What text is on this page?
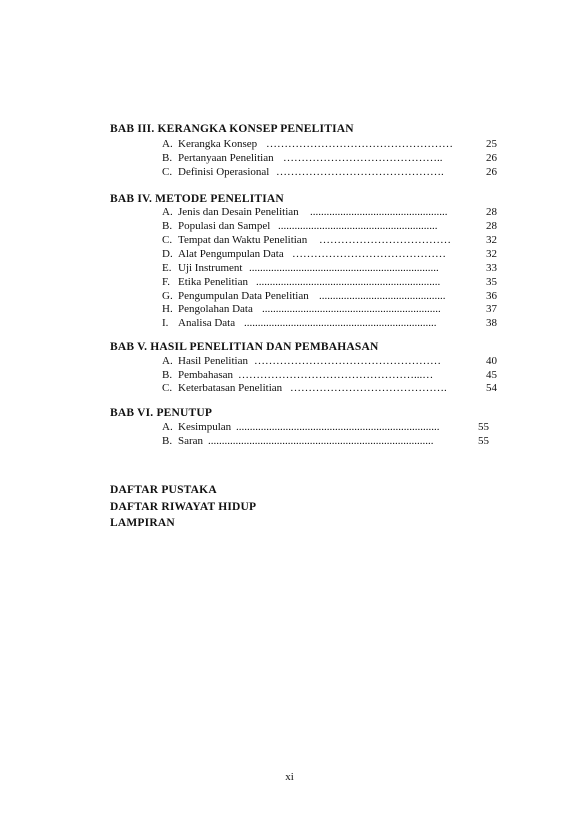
BAB III. KERANGKA KONSEP PENELITIAN
A. Kerangka Konsep ……………………………………………	25
B. Pertanyaan Penelitian ……………………………………..	26
C. Definisi Operasional ……………………………………….	26
BAB IV. METODE PENELITIAN
A. Jenis dan Desain Penelitian ..................................................	28
B. Populasi dan Sampel ..........................................................	28
C. Tempat dan Waktu Penelitian ………………………………	32
D. Alat Pengumpulan Data ……………………………………	32
E. Uji Instrument .....................................................................	33
F. Etika Penelitian ...................................................................	35
G. Pengumpulan Data Penelitian ..............................................	36
H. Pengolahan Data .................................................................	37
I. Analisa Data ......................................................................	38
BAB V. HASIL PENELITIAN DAN PEMBAHASAN
A. Hasil Penelitian ……………………………………………	40
B. Pembahasan …………………………………………...…	45
C. Keterbatasan Penelitian …………………………………….	54
BAB VI. PENUTUP
A. Kesimpulan ..........................................................................	55
B. Saran ..................................................................................	55
DAFTAR PUSTAKA
DAFTAR RIWAYAT HIDUP
LAMPIRAN
xi
